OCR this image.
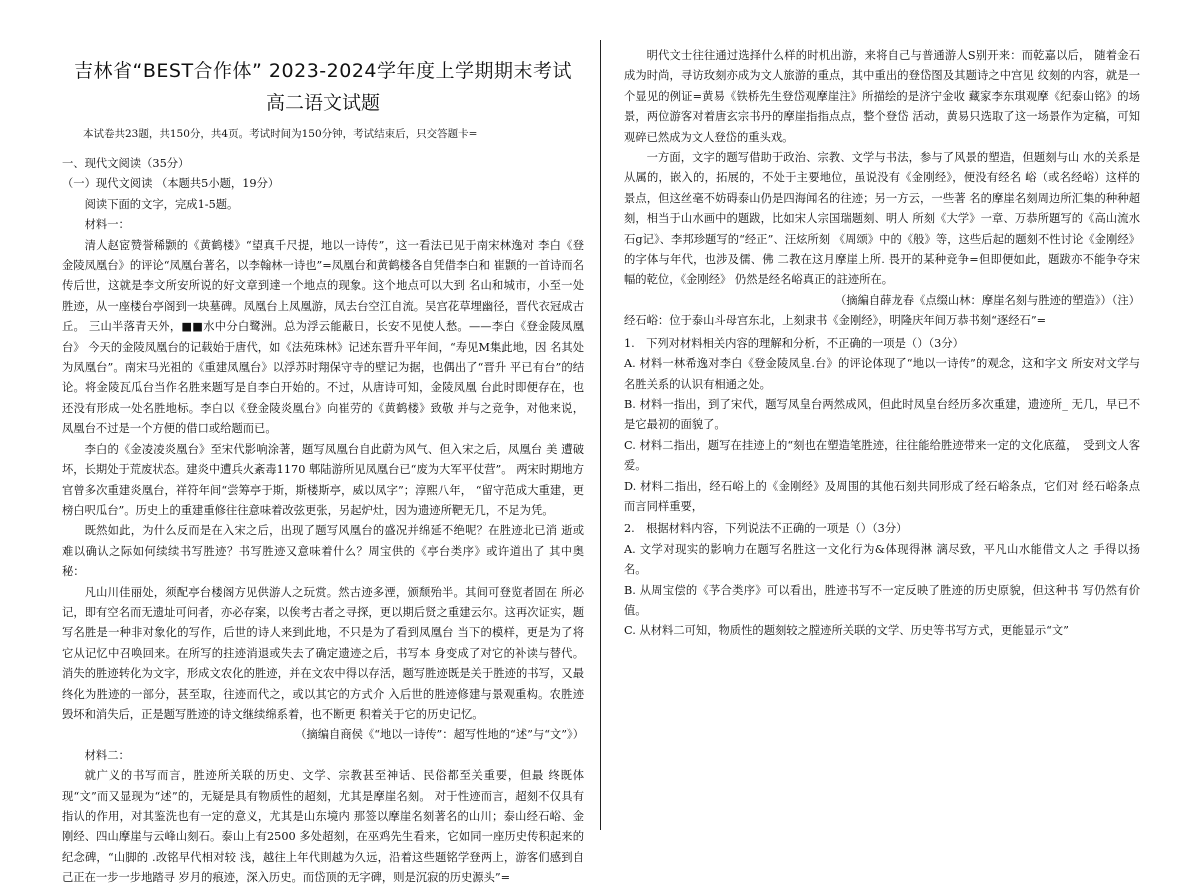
吉林省“BEST合作体” 2023-2024学年度上学期期末考试
高二语文试题

本试卷共23题，共150分，共4页。考试时间为150分钟，考试结束后，只交答题卡=

一、现代文阅读（35分）

（一）现代文阅读 （本题共5小题，19分）

阅读下面的文字，完成1-5题。

材料一：

清人赵宧赞誉稀颢的《黄鹤楼》“望真千尺提，地以一诗传”，这一看法已见于南宋林逸对 李白《登金陵凤凰台》的评论“凤凰台著名，以李翰林一诗也”=凤凰台和黄鹤楼各自凭借李白和 崔颢的一首诗而名传后世，这就是李文所安所说的好文章到達一个地点的现象。这个地点可以大到 名山和城市，小至一处胜迹，从一座楼台亭阁到一块墓碑。凤凰台上凤凰游，凤去台空江自流。吴宫花草埋幽径，晋代衣冠成古丘。 三山半落青天外，■■水中分白鹭洲。总为浮云能蔽日，长安不见使人愁。——李白《登金陵凤凰台》 今天的金陵凤凰台的记载始于唐代，如《法苑珠林》记述东晋升平年间，“寿见M集此地，因 名其处为凤凰台”。南宋马光祖的《重建凤凰台》以浮苏时翔保守寺的壁记为据，也偶出了“晋升 平已有台”的结论。将金陵瓦瓜台当作名胜来题写是自李白开始的。不过，从唐诗可知，金陵凤凰 台此时即便存在，也还没有形成一处名胜地标。李白以《登金陵炎凰台》向崔劳的《黄鹤楼》致敬 并与之竞争，对他来说，凤凰台不过是一个方便的借口或给题而已。

李白的《金凌凌炎凰台》至宋代影响涂著，题写凤凰台自此蔚为风气、但入宋之后，凤凰台 美 遭破坏，长期处于荒废状态。建炎中遭兵火紊毒1170 郫陆游所见凤凰台已“废为大军平仗营”。 两宋时期地方官曾多次重建炎凰台，祥符年间“尝筹亭于斯，斯楼斯亭，威以凤字”；淳熙八年， “留守范成大重建，更榜白呎瓜台”。历史上的重建重修往往意味着改弦更张，另起炉灶，因为遗迹所靶无几，不足为凭。

既然如此，为什么反而是在入宋之后，出现了题写风凰台的盛况并绵延不绝呢？在胜迹北已消 逝或难以确认之际如何续续书写胜迹？书写胜迹又意味着什么？周宝供的《亭台类序》或许道出了 其中奥秘：

凡山川佳丽处，须配亭台楼阁方见供游人之玩赏。然古迹多湮，颁颓殆半。其间可登览者固在 所必记，即有空名而无遗址可问者，亦必存案，以俟考古者之寻探，更以期后贤之重建云尔。这再次证实，题写名胜是一种非对象化的写作，后世的诗人来到此地，不只是为了看到凤凰台 当下的模样，更是为了将它从记忆中召唤回来。在所写的拄迹消退或失去了确定遗迹之后，书写本 身变成了对它的补读与替代。消失的胜迹转化为文字，形成文农化的胜迹，并在文农中得以存活，题写胜迹既是关于胜迹的书写，又最终化为胜迹的一部分，甚至取，往迹而代之，或以其它的方式介 入后世的胜迹修建与景观重构。农胜迹毁坏和消失后，正是题写胜迹的诗文继续绵系着，也不断更 积着关于它的历史记忆。

（摘编自商侯《“地以一诗传”：超写性地的“述”与“文”》）

材料二：

就广义的书写而言，胜迹所关联的历史、文学、宗教甚至神话、民俗都至关重要，但最 终既体现“文”而又显现为“述”的，无疑是具有物质性的超刻，尤其是摩崖名刻。 对于性迹而言，超刻不仅具有指认的作用，对其鉴洗也有一定的意义，尤其是山东境内 那签以摩崖名刻著名的山川；泰山经石峪、金刚经、四山摩崖与云峰山刻石。泰山上有2500 多处超刻，在巫鸡先生看来，它如同一座历史传积起来的纪念碑，“山脚的 .改铭早代相对较 浅，越往上年代則越为久远，沿着这些题铭学登两上，游客们感到自己正在一步一步地踏寻 岁月的痕迹，深入历史。而岱顶的无字碑，则是沉寂的历史源头”=

明代文士往往通过选择什么样的时机出游，来将自己与普通游人S别开来：而乾嘉以后， 随着金石成为时尚，寻访玫刻亦成为文人旅游的重点，其中重出的登岱图及其题诗之中宫见 纹刻的内容，就是一个显见的例证=黄易《铁桥先生登岱观摩崖注》所描绘的是济宁金收 藏家李东琪观摩《纪泰山铭》的场景，两位游客对着唐玄宗书丹的摩崖指指点点，整个登岱 活动，黄易只选取了这一场景作为定稿，可知观碎已然成为文人登岱的重头戏。

一方面，文字的题写借助于政治、宗教、文学与书法，参与了风景的塑造，但题刻与山 水的关系是从属的，嵌入的，拓展的，不处于主要地位，虽说没有《金刚经》，便没有经名 峪（或名经峪）这样的景点，但这丝毫不妨碍泰山仍是四海闻名的往迹；另一方云，一些著 名的摩崖名刻周边所汇集的种种超刻，相当于山水画中的题跋，比如宋人宗国瑞题刻、明人 所刻《大学》一章、万恭所題写的《高山流水石g记》、李邦珍题写的“经正”、汪炫所刻 《周颂》中的《般》等，这些后起的题刻不性讨论《金刚经》的字体与年代，也涉及儒、佛 二教在这月摩崖上所. 畏开的某种竞争=但即便如此，题跋亦不能争夺宋幅的乾位，《金刚经》 仍然是经名峪真正的註迹所在。

（摘編自薛龙春《点缀山林：摩崖名刻与胜迹的塑造》）（注）

经石峪：位于泰山斗母宫东北，上刻隶书《金刚经》，明隆庆年间万恭书刻“逐经石”=

1.　下列对材料相关内容的理解和分析，不正确的一项是（）（3分）

A. 材料一林希逸对李白《登金陵凤皇.台》的评论体现了“地以一诗传”的观念，这和字文 所安对文学与名胜关系的认识有相通之处。

B. 材料一指出，到了宋代，题写凤皇台两然成风，但此时凤皇台经历多次重建，遗迹所_ 无几，早已不是它最初的面貌了。

C. 材料二指出，题写在挂迹上的“刻也在塑造笔胜迹，往往能给胜迹带来一定的文化底蕴，　受到文人客爱。

D. 材料二指出，经石峪上的《金刚经》及周围的其他石刻共同形成了经石峪条点，它们对 经石峪条点而言同样重要，

2.　根据材料内容，下列说法不正确的一项是（）（3分）

A. 文学对现实的影响力在题写名胜这一文化行为&体现得淋 漓尽致，平凡山水能借文人之 手得以扬名。

B. 从周宝偿的《芧合类序》可以看出，胜迹书写不一定反映了胜迹的历史原貌，但这种书 写仍然有价值。

C. 从材料二可知，物质性的题刻较之膛迹所关联的文学、历史等书写方式，更能显示“文”
